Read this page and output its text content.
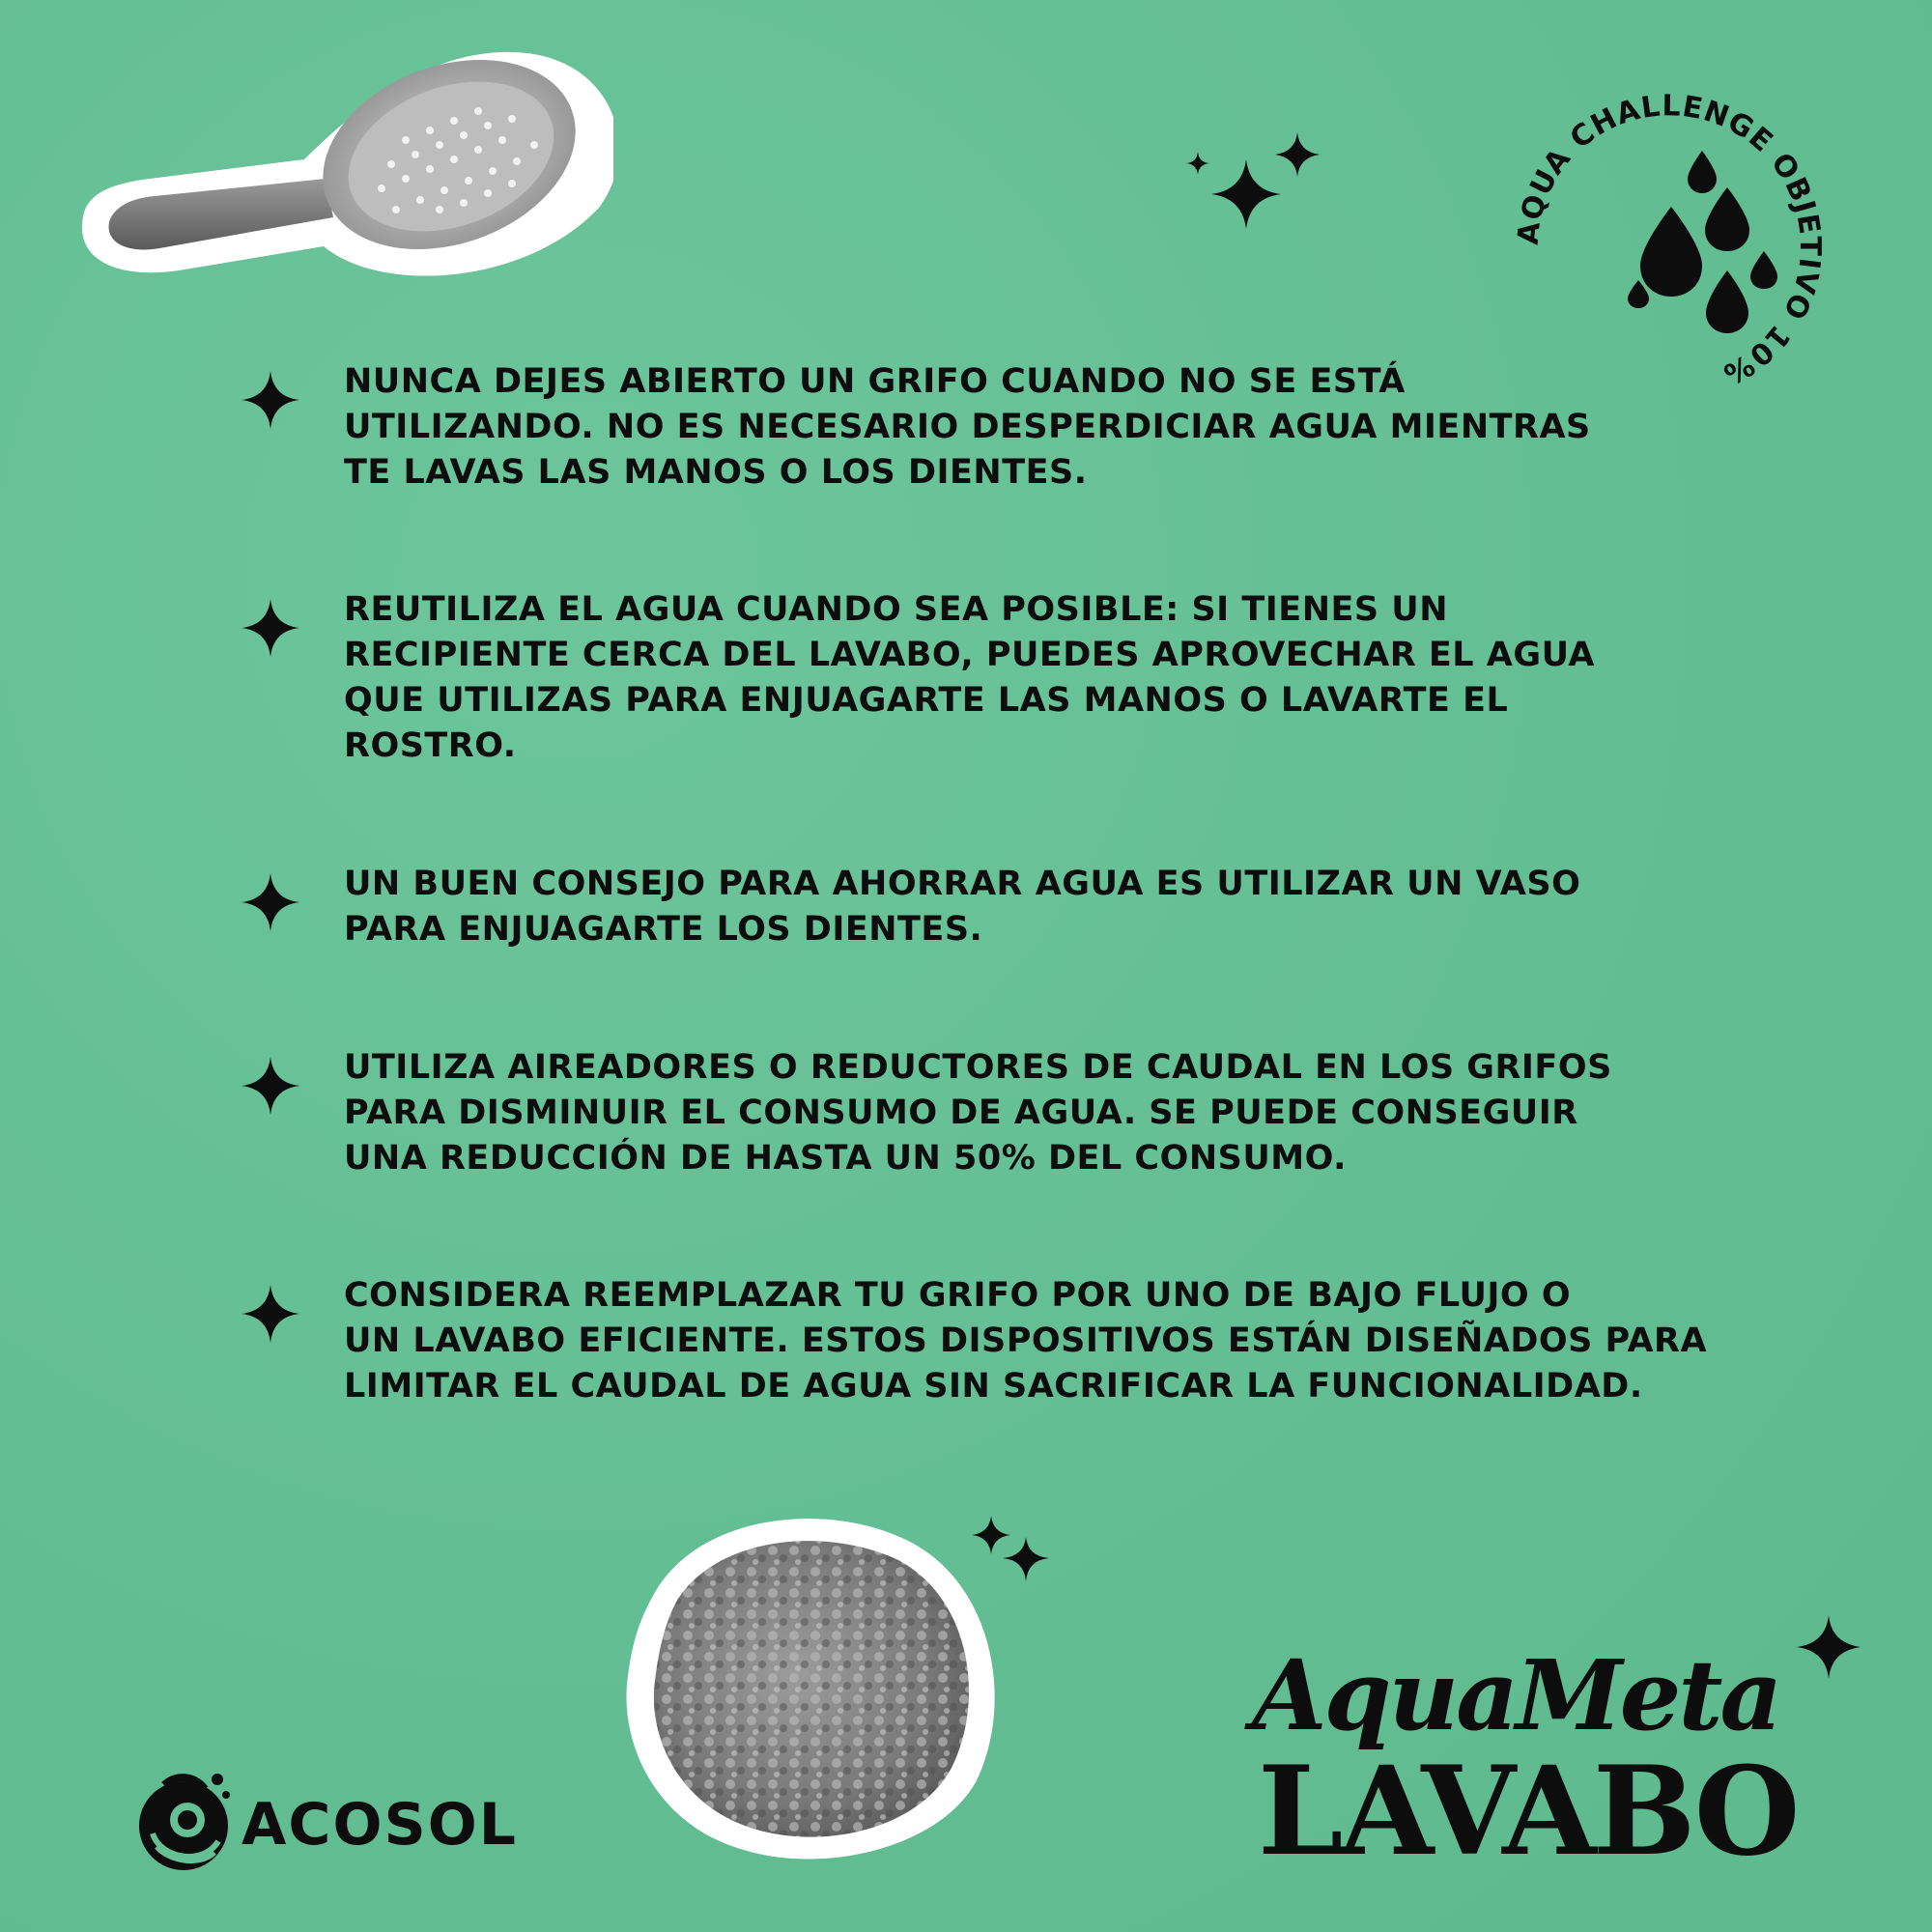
AQUA CHALLENGE OBJETIVO 10%
NUNCA DEJES ABIERTO UN GRIFO CUANDO NO SE ESTÁ
UTILIZANDO. NO ES NECESARIO DESPERDICIAR AGUA MIENTRAS
TE LAVAS LAS MANOS O LOS DIENTES.
REUTILIZA EL AGUA CUANDO SEA POSIBLE: SI TIENES UN
RECIPIENTE CERCA DEL LAVABO, PUEDES APROVECHAR EL AGUA
QUE UTILIZAS PARA ENJUAGARTE LAS MANOS O LAVARTE EL
ROSTRO.
UN BUEN CONSEJO PARA AHORRAR AGUA ES UTILIZAR UN VASO
PARA ENJUAGARTE LOS DIENTES.
UTILIZA AIREADORES O REDUCTORES DE CAUDAL EN LOS GRIFOS
PARA DISMINUIR EL CONSUMO DE AGUA. SE PUEDE CONSEGUIR
UNA REDUCCIÓN DE HASTA UN 50% DEL CONSUMO.
CONSIDERA REEMPLAZAR TU GRIFO POR UNO DE BAJO FLUJO O
UN LAVABO EFICIENTE. ESTOS DISPOSITIVOS ESTÁN DISEÑADOS PARA
LIMITAR EL CAUDAL DE AGUA SIN SACRIFICAR LA FUNCIONALIDAD.
ACOSOL
AquaMeta
LAVABO
